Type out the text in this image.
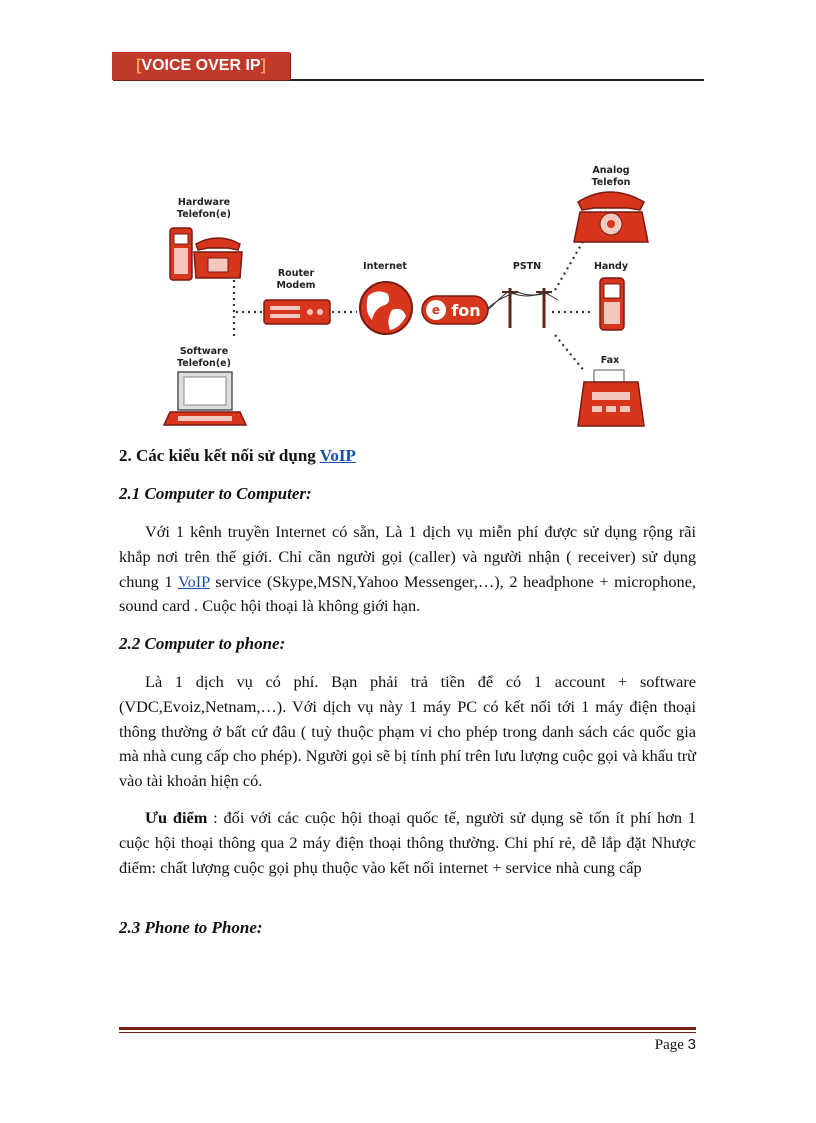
[VOICE OVER IP]
Hardware
Telefon(e)
Software
Telefon(e)
Router
Modem
Internet	PSTN
Analog
Telefon
Handy
Fax
e fon

2. Các kiểu kết nối sử dụng VoIP

2.1 Computer to Computer:

Với 1 kênh truyền Internet có sẵn, Là 1 dịch vụ miễn phí được sử dụng rộng rãi khắp nơi trên thế giới. Chỉ cần người gọi (caller) và người nhận ( receiver) sử dụng chung 1 VoIP service (Skype,MSN,Yahoo Messenger,…), 2 headphone + microphone, sound card . Cuộc hội thoại là không giới hạn.

2.2 Computer to phone:

Là 1 dịch vụ có phí. Bạn phải trả tiền để có 1 account + software (VDC,Evoiz,Netnam,…). Với dịch vụ này 1 máy PC có kết nối tới 1 máy điện thoại thông thường ở bất cứ đâu ( tuỳ thuộc phạm vi cho phép trong danh sách các quốc gia mà nhà cung cấp cho phép). Người gọi sẽ bị tính phí trên lưu lượng cuộc gọi và khấu trừ vào tài khoản hiện có.

Ưu điểm : đối với các cuộc hội thoại quốc tế, người sử dụng sẽ tốn ít phí hơn 1 cuộc hội thoại thông qua 2 máy điện thoại thông thường. Chi phí rẻ, dễ lắp đặt Nhược điểm: chất lượng cuộc gọi phụ thuộc vào kết nối internet + service nhà cung cấp

2.3 Phone to Phone:

Page 3
